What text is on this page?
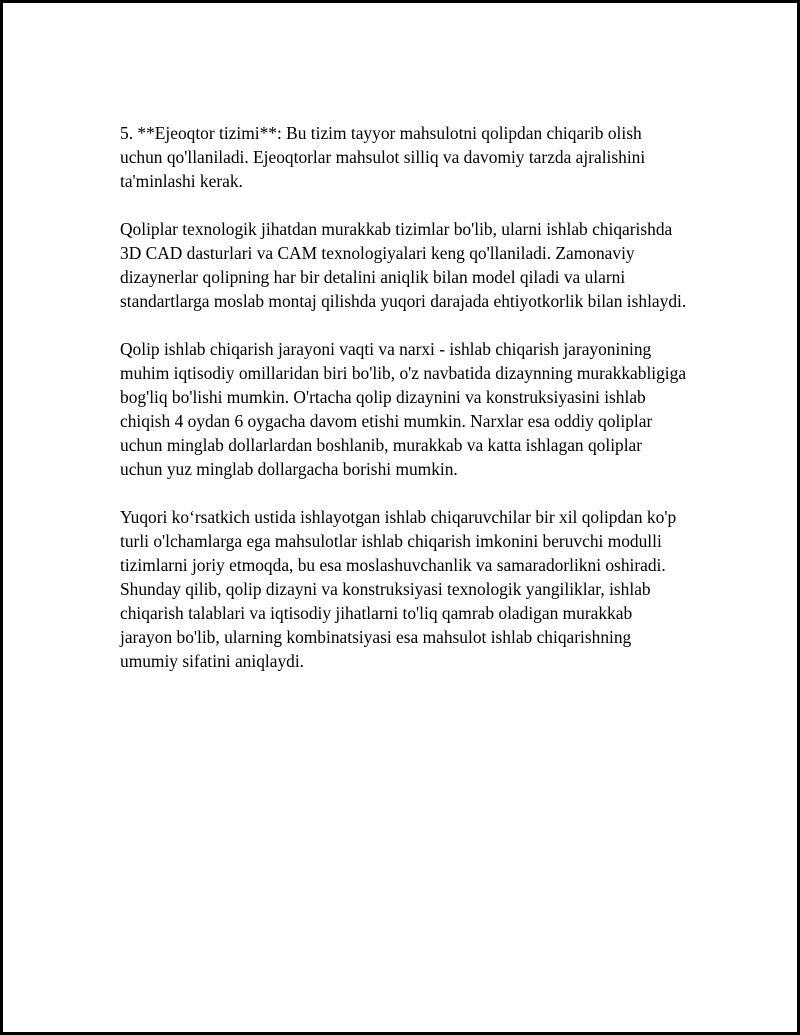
5. **Ejeoqtor tizimi**: Bu tizim tayyor mahsulotni qolipdan chiqarib olish uchun qo'llaniladi. Ejeoqtorlar mahsulot silliq va davomiy tarzda ajralishini ta'minlashi kerak.

Qoliplar texnologik jihatdan murakkab tizimlar bo'lib, ularni ishlab chiqarishda 3D CAD dasturlari va CAM texnologiyalari keng qo'llaniladi. Zamonaviy dizaynerlar qolipning har bir detalini aniqlik bilan model qiladi va ularni standartlarga moslab montaj qilishda yuqori darajada ehtiyotkorlik bilan ishlaydi.

Qolip ishlab chiqarish jarayoni vaqti va narxi - ishlab chiqarish jarayonining muhim iqtisodiy omillaridan biri bo'lib, o'z navbatida dizaynning murakkabligiga bog'liq bo'lishi mumkin. O'rtacha qolip dizaynini va konstruksiyasini ishlab chiqish 4 oydan 6 oygacha davom etishi mumkin. Narxlar esa oddiy qoliplar uchun minglab dollarlardan boshlanib, murakkab va katta ishlagan qoliplar uchun yuz minglab dollargacha borishi mumkin.

Yuqori ko‘rsatkich ustida ishlayotgan ishlab chiqaruvchilar bir xil qolipdan ko'p turli o'lchamlarga ega mahsulotlar ishlab chiqarish imkonini beruvchi modulli tizimlarni joriy etmoqda, bu esa moslashuvchanlik va samaradorlikni oshiradi. Shunday qilib, qolip dizayni va konstruksiyasi texnologik yangiliklar, ishlab chiqarish talablari va iqtisodiy jihatlarni to'liq qamrab oladigan murakkab jarayon bo'lib, ularning kombinatsiyasi esa mahsulot ishlab chiqarishning umumiy sifatini aniqlaydi.
